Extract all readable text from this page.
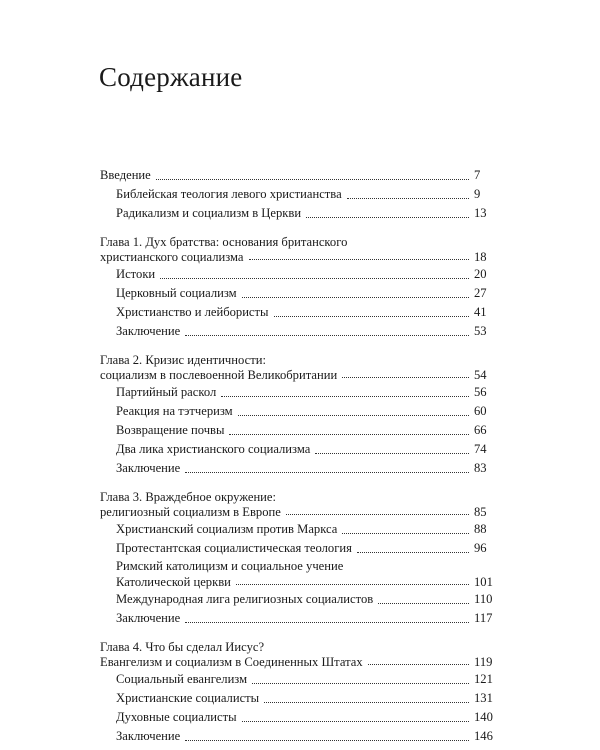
Содержание
Введение	7
Библейская теология левого христианства	9
Радикализм и социализм в Церкви	13
Глава 1. Дух братства: основания британского
христианского социализма	18
Истоки	20
Церковный социализм	27
Христианство и лейбористы	41
Заключение	53
Глава 2. Кризис идентичности:
социализм в послевоенной Великобритании	54
Партийный раскол	56
Реакция на тэтчеризм	60
Возвращение почвы	66
Два лика христианского социализма	74
Заключение	83
Глава 3. Враждебное окружение:
религиозный социализм в Европе	85
Христианский социализм против Маркса	88
Протестантская социалистическая теология	96
Римский католицизм и социальное учение
Католической церкви	101
Международная лига религиозных социалистов	110
Заключение	117
Глава 4. Что бы сделал Иисус?
Евангелизм и социализм в Соединенных Штатах	119
Социальный евангелизм	121
Христианские социалисты	131
Духовные социалисты	140
Заключение	146
